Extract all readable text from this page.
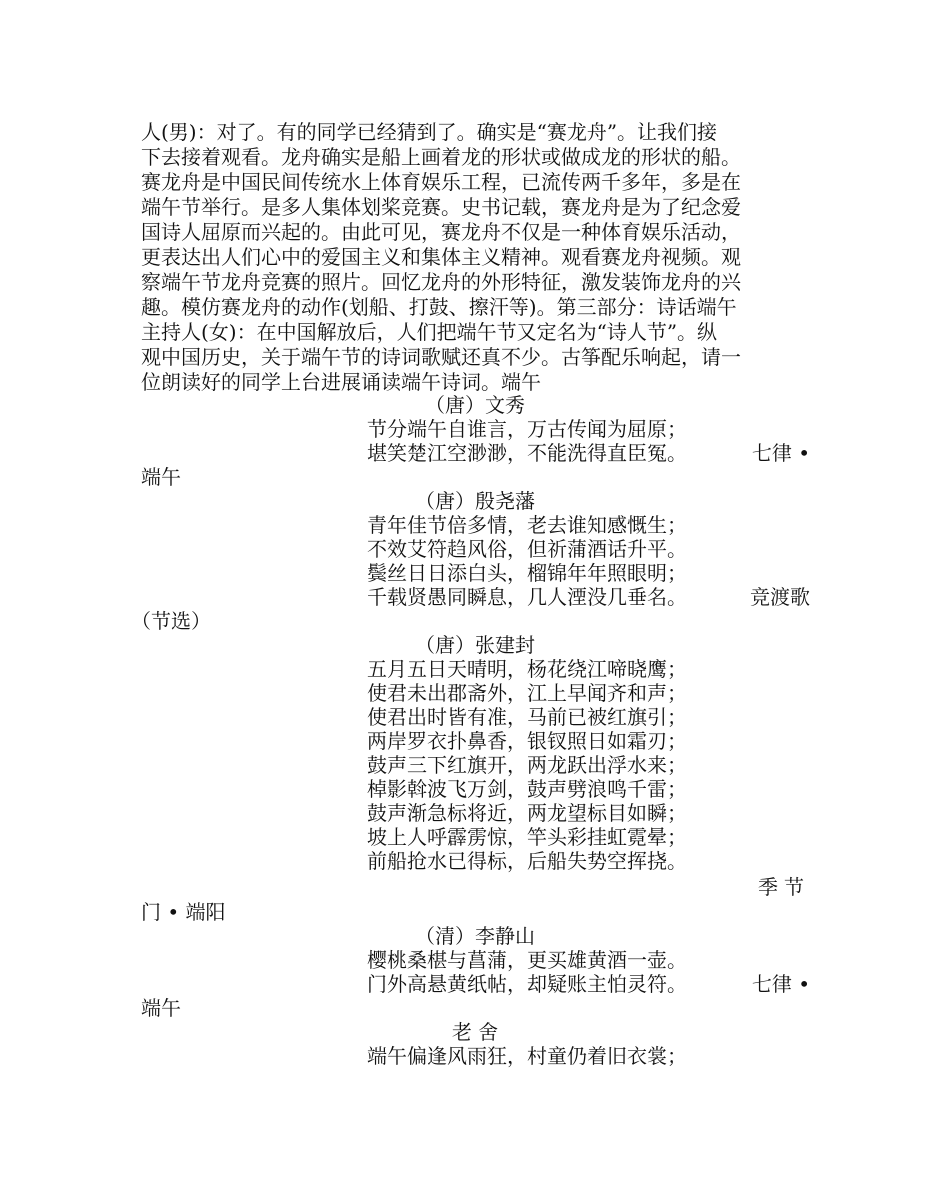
人(男)：对了。有的同学已经猜到了。确实是“赛龙舟”。让我们接
下去接着观看。龙舟确实是船上画着龙的形状或做成龙的形状的船。
赛龙舟是中国民间传统水上体育娱乐工程，已流传两千多年，多是在
端午节举行。是多人集体划桨竞赛。史书记载，赛龙舟是为了纪念爱
国诗人屈原而兴起的。由此可见，赛龙舟不仅是一种体育娱乐活动，
更表达出人们心中的爱国主义和集体主义精神。观看赛龙舟视频。观
察端午节龙舟竞赛的照片。回忆龙舟的外形特征，激发装饰龙舟的兴
趣。模仿赛龙舟的动作(划船、打鼓、擦汗等)。第三部分：诗话端午
主持人(女)：在中国解放后，人们把端午节又定名为“诗人节”。纵
观中国历史，关于端午节的诗词歌赋还真不少。古筝配乐响起，请一
位朗读好的同学上台进展诵读端午诗词。端午
（唐）文秀
节分端午自谁言，万古传闻为屈原；
堪笑楚江空渺渺，不能洗得直臣冤。	七律 •
端午
（唐）殷尧藩
青年佳节倍多情，老去谁知感慨生；
不效艾符趋风俗，但祈蒲酒话升平。
鬓丝日日添白头，榴锦年年照眼明；
千载贤愚同瞬息，几人湮没几垂名。	竞渡歌
（节选）
（唐）张建封
五月五日天晴明，杨花绕江啼晓鹰；
使君未出郡斋外，江上早闻齐和声；
使君出时皆有准，马前已被红旗引；
两岸罗衣扑鼻香，银钗照日如霜刃；
鼓声三下红旗开，两龙跃出浮水来；
棹影斡波飞万剑，鼓声劈浪鸣千雷；
鼓声渐急标将近，两龙望标目如瞬；
坡上人呼霹雳惊，竿头彩挂虹霓晕；
前船抢水已得标，后船失势空挥挠。
季节
门 • 端阳
（清）李静山
樱桃桑椹与菖蒲，更买雄黄酒一壶。
门外高悬黄纸帖，却疑账主怕灵符。	七律 •
端午
老 舍
端午偏逢风雨狂，村童仍着旧衣裳；
